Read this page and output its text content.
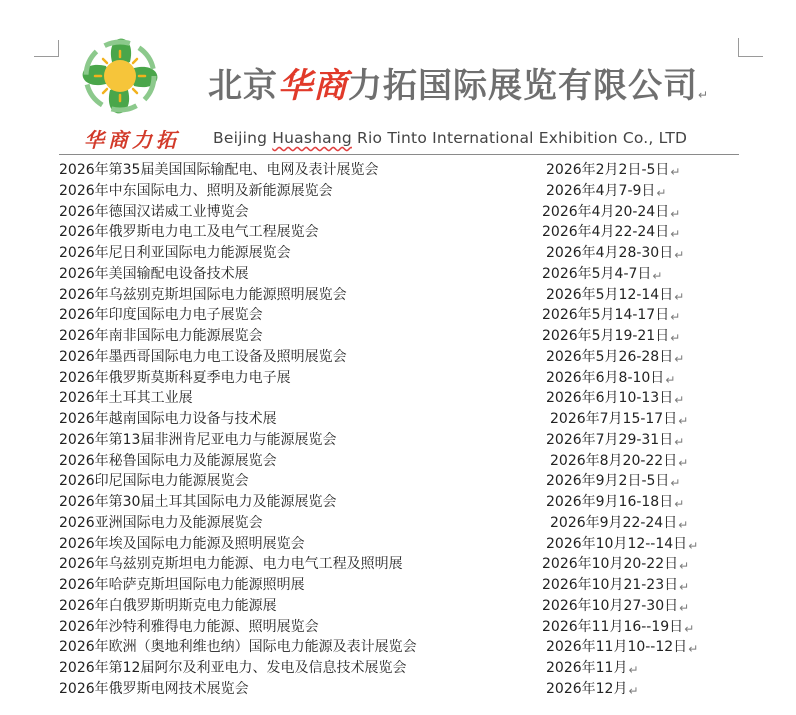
北京华商力拓国际展览有限公司↵
华商力拓 Beijing Huashang Rio Tinto International Exhibition Co., LTD
2026年第35届美国国际输配电、电网及表计展览会	2026年2月2日-5日↵
2026年中东国际电力、照明及新能源展览会	2026年4月7-9日↵
2026年德国汉诺威工业博览会	2026年4月20-24日↵
2026年俄罗斯电力电工及电气工程展览会	2026年4月22-24日↵
2026年尼日利亚国际电力能源展览会	2026年4月28-30日↵
2026年美国输配电设备技术展	2026年5月4-7日↵
2026年乌兹别克斯坦国际电力能源照明展览会	2026年5月12-14日↵
2026年印度国际电力电子展览会	2026年5月14-17日↵
2026年南非国际电力能源展览会	2026年5月19-21日↵
2026年墨西哥国际电力电工设备及照明展览会	2026年5月26-28日↵
2026年俄罗斯莫斯科夏季电力电子展	2026年6月8-10日↵
2026年土耳其工业展	2026年6月10-13日↵
2026年越南国际电力设备与技术展	2026年7月15-17日↵
2026年第13届非洲肯尼亚电力与能源展览会	2026年7月29-31日↵
2026年秘鲁国际电力及能源展览会	2026年8月20-22日↵
2026印尼国际电力能源展览会	2026年9月2日-5日↵
2026年第30届土耳其国际电力及能源展览会	2026年9月16-18日↵
2026亚洲国际电力及能源展览会	2026年9月22-24日↵
2026年埃及国际电力能源及照明展览会	2026年10月12--14日↵
2026年乌兹别克斯坦电力能源、电力电气工程及照明展	2026年10月20-22日↵
2026年哈萨克斯坦国际电力能源照明展	2026年10月21-23日↵
2026年白俄罗斯明斯克电力能源展	2026年10月27-30日↵
2026年沙特利雅得电力能源、照明展览会	2026年11月16--19日↵
2026年欧洲（奥地利维也纳）国际电力能源及表计展览会	2026年11月10--12日↵
2026年第12届阿尔及利亚电力、发电及信息技术展览会	2026年11月↵
2026年俄罗斯电网技术展览会	2026年12月↵
